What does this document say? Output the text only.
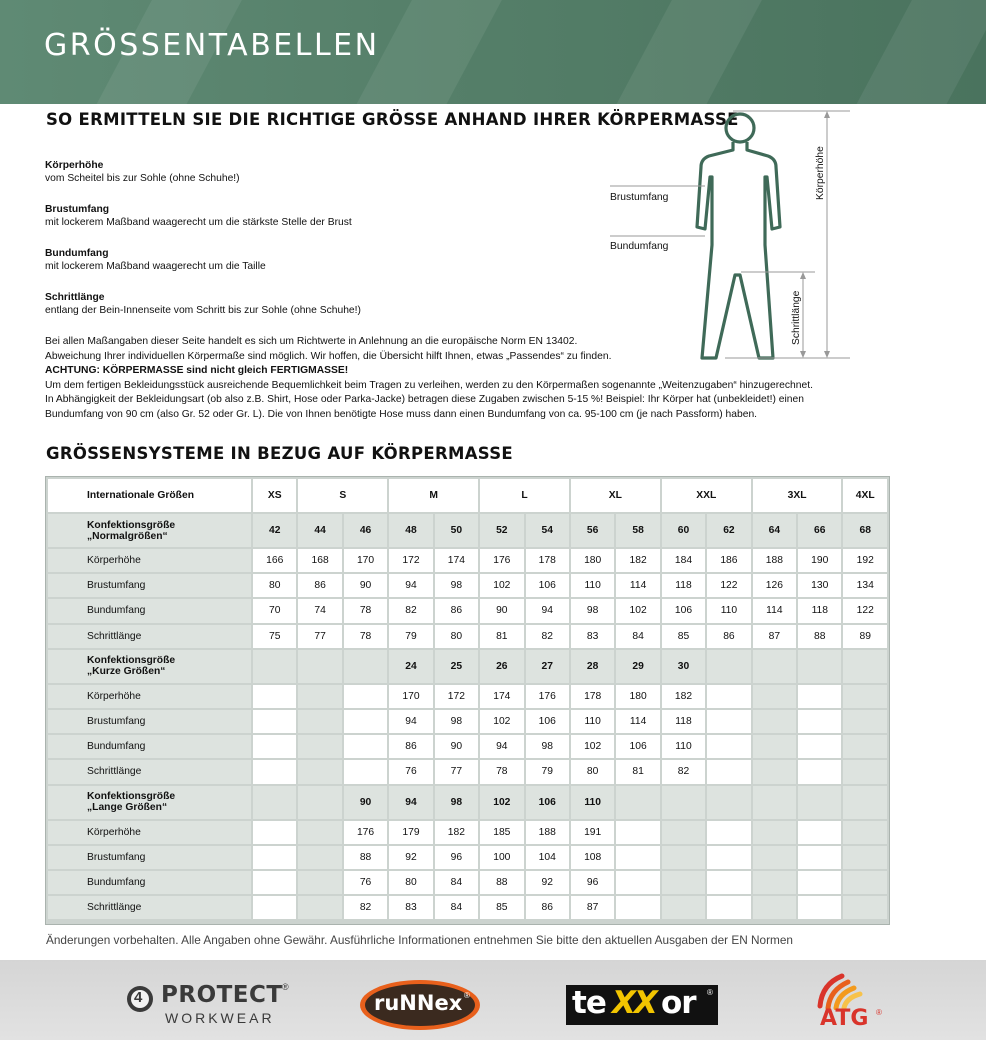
GRÖSSENTABELLEN
SO ERMITTELN SIE DIE RICHTIGE GRÖSSE ANHAND IHRER KÖRPERMASSE
Körperhöhe
vom Scheitel bis zur Sohle (ohne Schuhe!)
Brustumfang
mit lockerem Maßband waagerecht um die stärkste Stelle der Brust
Bundumfang
mit lockerem Maßband waagerecht um die Taille
Schrittlänge
entlang der Bein-Innenseite vom Schritt bis zur Sohle (ohne Schuhe!)
Bei allen Maßangaben dieser Seite handelt es sich um Richtwerte in Anlehnung an die europäische Norm EN 13402.
Abweichung Ihrer individuellen Körpermaße sind möglich. Wir hoffen, die Übersicht hilft Ihnen, etwas „Passendes“ zu finden.
ACHTUNG: KÖRPERMASSE sind nicht gleich FERTIGMASSE!
Um dem fertigen Bekleidungsstück ausreichende Bequemlichkeit beim Tragen zu verleihen, werden zu den Körpermaßen sogenannte „Weitenzugaben“ hinzugerechnet.
In Abhängigkeit der Bekleidungsart (ob also z.B. Shirt, Hose oder Parka-Jacke) betragen diese Zugaben zwischen 5-15 %! Beispiel: Ihr Körper hat (unbekleidet!) einen
Bundumfang von 90 cm (also Gr. 52 oder Gr. L). Die von Ihnen benötigte Hose muss dann einen Bundumfang von ca. 95-100 cm (je nach Passform) haben.
Brustumfang
Bundumfang
Körperhöhe
Schrittlänge
GRÖSSENSYSTEME IN BEZUG AUF KÖRPERMASSE
Internationale Größen	XS	S		M		L		XL		XXL		3XL		4XL

Konfektionsgröße
„Normalgrößen“	42	44	46	48	50	52	54	56	58	60	62	64	66	68
Körperhöhe	166	168	170	172	174	176	178	180	182	184	186	188	190	192
Brustumfang	80	86	90	94	98	102	106	110	114	118	122	126	130	134
Bundumfang	70	74	78	82	86	90	94	98	102	106	110	114	118	122
Schrittlänge	75	77	78	79	80	81	82	83	84	85	86	87	88	89

Konfektionsgröße
„Kurze Größen“				24	25	26	27	28	29	30				
Körperhöhe				170	172	174	176	178	180	182				
Brustumfang				94	98	102	106	110	114	118				
Bundumfang				86	90	94	98	102	106	110				
Schrittlänge				76	77	78	79	80	81	82				

Konfektionsgröße
„Lange Größen“			90	94	98	102	106	110						
Körperhöhe			176	179	182	185	188	191						
Brustumfang			88	92	96	100	104	108						
Bundumfang			76	80	84	88	92	96						
Schrittlänge			82	83	84	85	86	87						
Änderungen vorbehalten. Alle Angaben ohne Gewähr. Ausführliche Informationen entnehmen Sie bitte den aktuellen Ausgaben der EN Normen
4 PROTECT ®
WORKWEAR
ruNNex ®	te XX or ®
ATG ®
